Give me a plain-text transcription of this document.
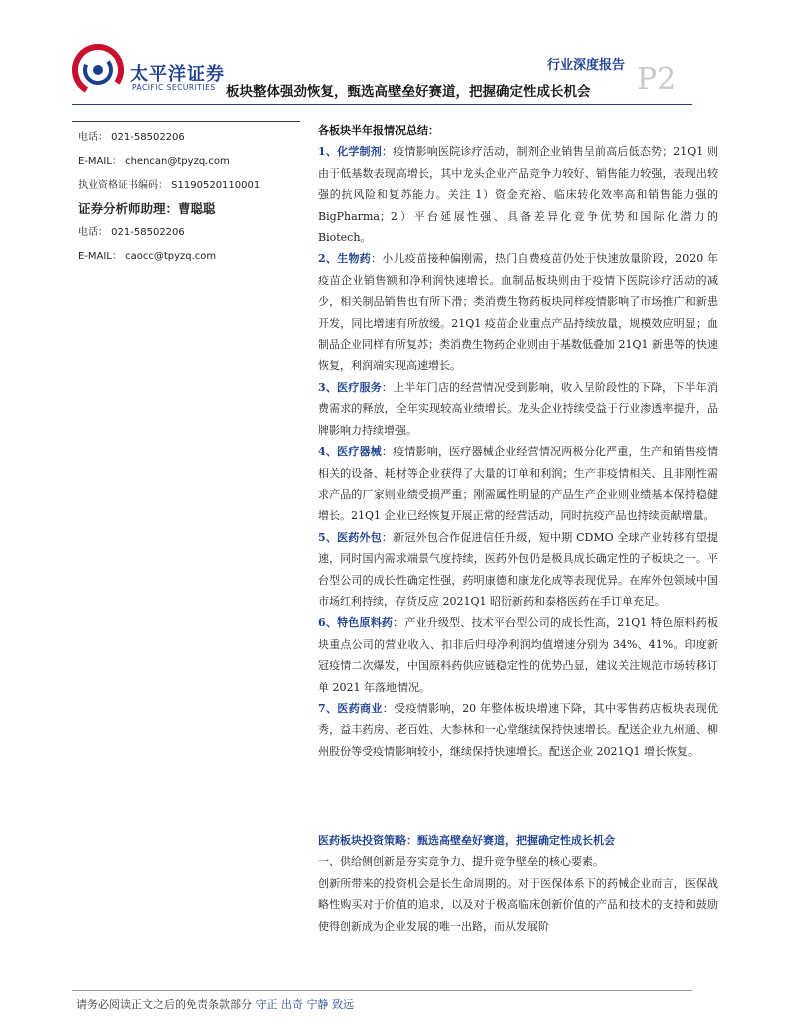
太平洋证券
PACIFIC SECURITIES
行业深度报告 P2
板块整体强劲恢复，甄选高壁垒好赛道，把握确定性成长机会
电话： 021-58502206
E-MAIL： chencan@tpyzq.com
执业资格证书编码： S1190520110001
证券分析师助理：曹聪聪
电话： 021-58502206
E-MAIL： caocc@tpyzq.com

各板块半年报情况总结：

1、化学制剂：疫情影响医院诊疗活动，制剂企业销售呈前高后低态势；21Q1 则由于低基数表现高增长，其中龙头企业产品竞争力较好、销售能力较强，表现出较强的抗风险和复苏能力。关注 1）资金充裕、临床转化效率高和销售能力强的 BigPharma；2）平台延展性强、具备差异化竞争优势和国际化潜力的 Biotech。

2、生物药：小儿疫苗接种偏刚需，热门自费疫苗仍处于快速放量阶段，2020 年疫苗企业销售额和净利润快速增长。血制品板块则由于疫情下医院诊疗活动的减少，相关制品销售也有所下滑；类消费生物药板块同样疫情影响了市场推广和新患开发，同比增速有所放缓。21Q1 疫苗企业重点产品持续放量，规模效应明显；血制品企业同样有所复苏；类消费生物药企业则由于基数低叠加 21Q1 新患等的快速恢复，利润端实现高速增长。

3、医疗服务：上半年门店的经营情况受到影响，收入呈阶段性的下降，下半年消费需求的释放，全年实现较高业绩增长。龙头企业持续受益于行业渗透率提升，品牌影响力持续增强。

4、医疗器械：疫情影响，医疗器械企业经营情况两极分化严重，生产和销售疫情相关的设备、耗材等企业获得了大量的订单和利润；生产非疫情相关、且非刚性需求产品的厂家则业绩受损严重；刚需属性明显的产品生产企业则业绩基本保持稳健增长。21Q1 企业已经恢复开展正常的经营活动，同时抗疫产品也持续贡献增量。

5、医药外包：新冠外包合作促进信任升级，短中期 CDMO 全球产业转移有望提速，同时国内需求端景气度持续，医药外包仍是极具成长确定性的子板块之一。平台型公司的成长性确定性强，药明康德和康龙化成等表现优异。在库外包领域中国市场红利持续，存货反应 2021Q1 昭衍新药和泰格医药在手订单充足。

6、特色原料药：产业升级型、技术平台型公司的成长性高，21Q1 特色原料药板块重点公司的营业收入、扣非后归母净利润均值增速分别为 34%、41%。印度新冠疫情二次爆发，中国原料药供应链稳定性的优势凸显，建议关注规范市场转移订单 2021 年落地情况。

7、医药商业：受疫情影响，20 年整体板块增速下降，其中零售药店板块表现优秀，益丰药房、老百姓、大参林和一心堂继续保持快速增长。配送企业九州通、柳州股份等受疫情影响较小，继续保持快速增长。配送企业 2021Q1 增长恢复。

医药板块投资策略：甄选高壁垒好赛道，把握确定性成长机会

一、供给侧创新是夯实竞争力、提升竞争壁垒的核心要素。

创新所带来的投资机会是长生命周期的。对于医保体系下的药械企业而言，医保战略性购买对于价值的追求，以及对于极高临床创新价值的产品和技术的支持和鼓励使得创新成为企业发展的唯一出路，而从发展阶

请务必阅读正文之后的免责条款部分 守正 出奇 宁静 致远
